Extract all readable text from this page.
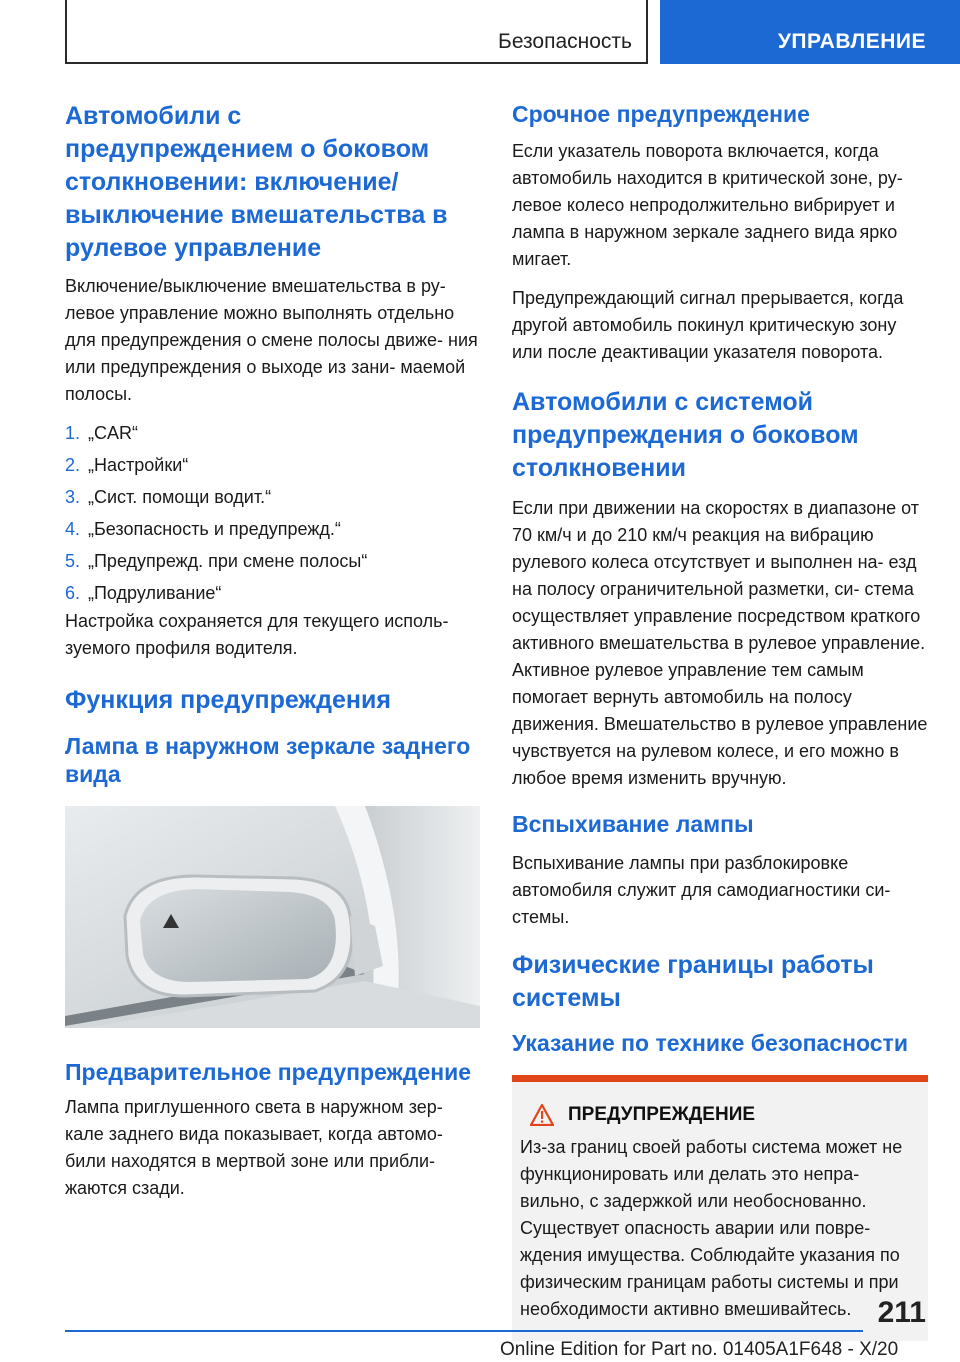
Безопасность	УПРАВЛЕНИЕ
Автомобили с предупреждением о боковом столкновении: включение/выключение вмешательства в рулевое управление

Включение/выключение вмешательства в ру- левое управление можно выполнять отдельно для предупреждения о смене полосы движе- ния или предупреждения о выходе из зани- маемой полосы.

1. „CAR“
2. „Настройки“
3. „Сист. помощи водит.“
4. „Безопасность и предупрежд.“
5. „Предупрежд. при смене полосы“
6. „Подруливание“

Настройка сохраняется для текущего исполь- зуемого профиля водителя.

Функция предупреждения
Лампа в наружном зеркале заднего вида
Предварительное предупреждение

Лампа приглушенного света в наружном зер- кале заднего вида показывает, когда автомо- били находятся в мертвой зоне или прибли- жаются сзади.

Срочное предупреждение

Если указатель поворота включается, когда автомобиль находится в критической зоне, ру- левое колесо непродолжительно вибрирует и лампа в наружном зеркале заднего вида ярко мигает.

Предупреждающий сигнал прерывается, когда другой автомобиль покинул критическую зону или после деактивации указателя поворота.

Автомобили с системой предупреждения о боковом столкновении

Если при движении на скоростях в диапазоне от 70 км/ч и до 210 км/ч реакция на вибрацию рулевого колеса отсутствует и выполнен на- езд на полосу ограничительной разметки, си- стема осуществляет управление посредством краткого активного вмешательства в рулевое управление. Активное рулевое управление тем самым помогает вернуть автомобиль на полосу движения. Вмешательство в рулевое управление чувствуется на рулевом колесе, и его можно в любое время изменить вручную.

Вспыхивание лампы

Вспыхивание лампы при разблокировке автомобиля служит для самодиагностики си- стемы.

Физические границы работы системы
Указание по технике безопасности
ПРЕДУПРЕЖДЕНИЕ

Из-за границ своей работы система может не функционировать или делать это непра- вильно, с задержкой или необоснованно. Существует опасность аварии или повре- ждения имущества. Соблюдайте указания по физическим границам работы системы и при необходимости активно вмешивайтесь. 211
Online Edition for Part no. 01405A1F648 - X/20
